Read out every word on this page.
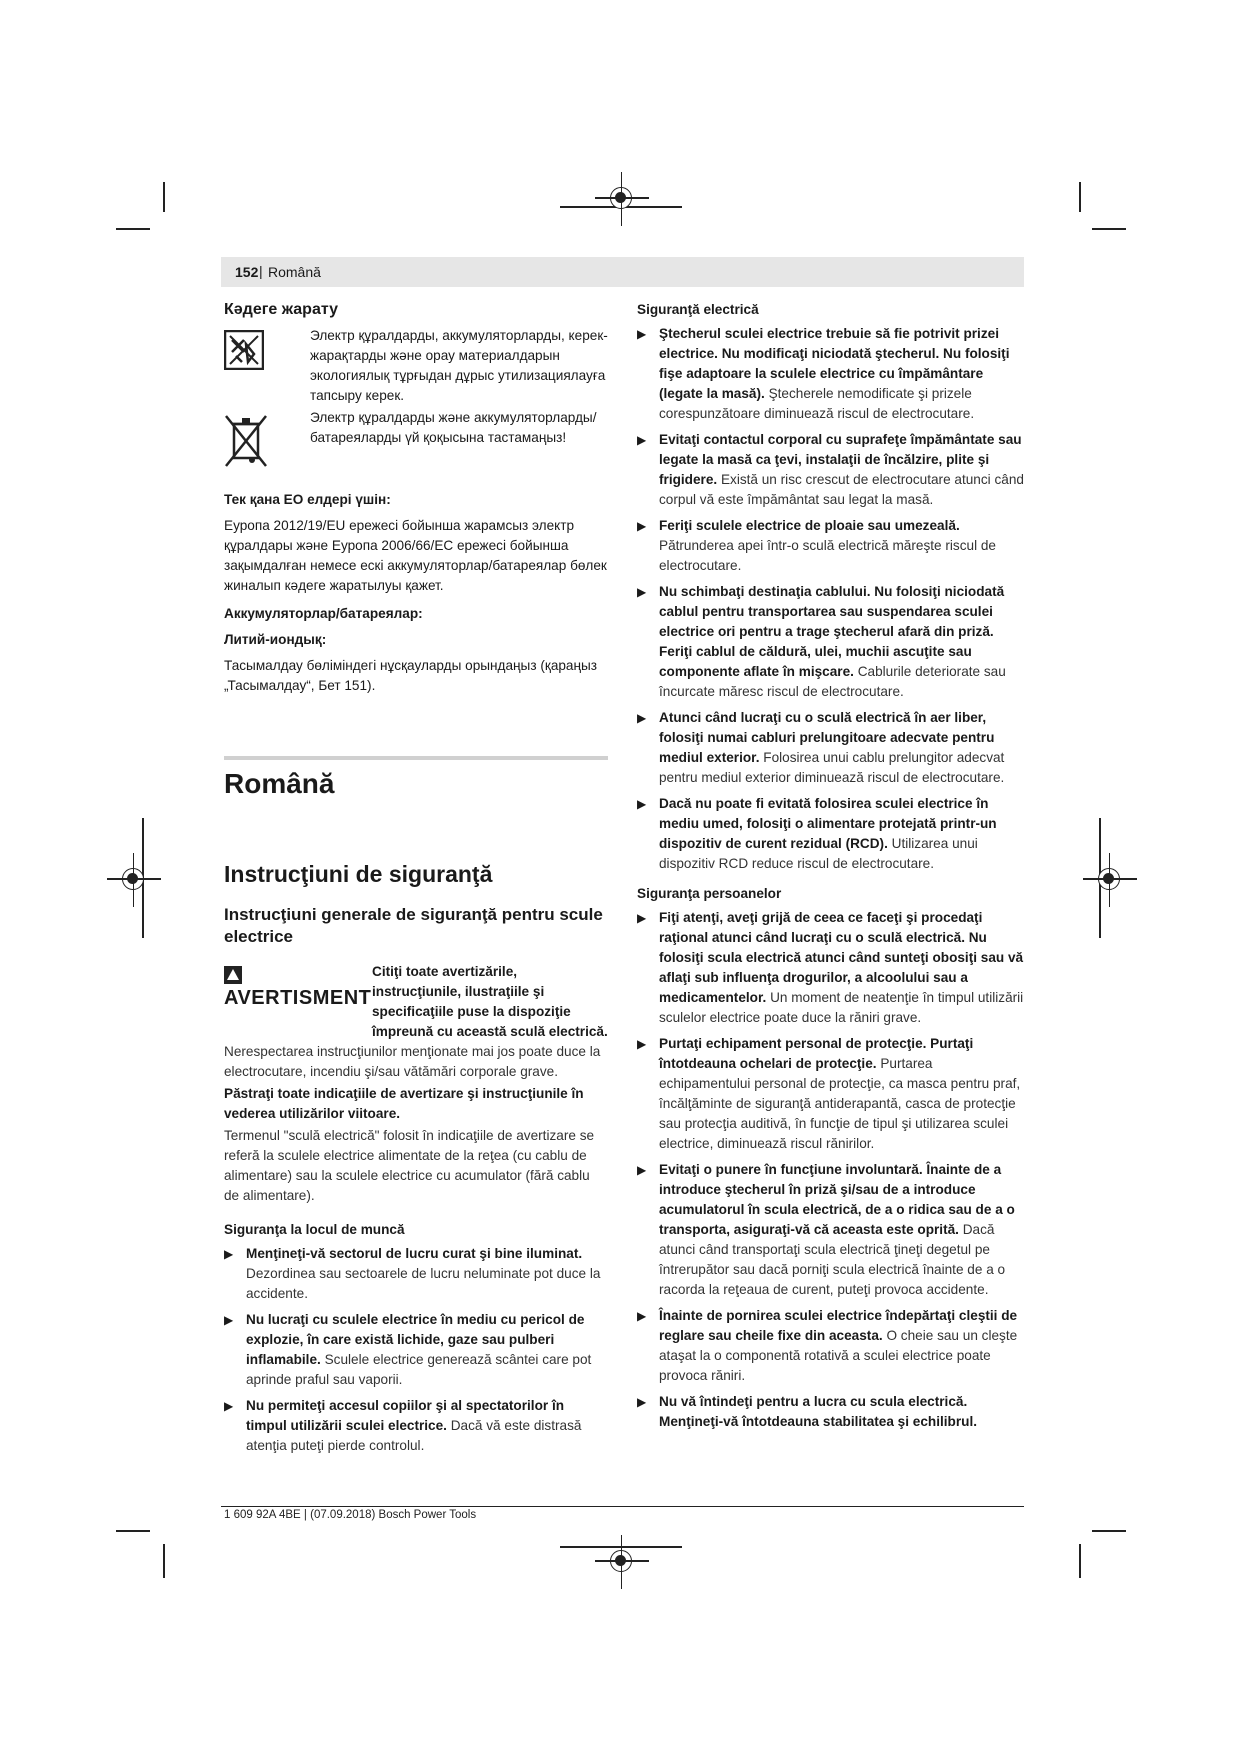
152 | Română
Кәдеге жарату

Электр құралдарды, аккумуляторларды, керек-жарақтарды және орау материалдарын экологиялық тұрғыдан дұрыс утилизациялауға тапсыру керек.

Электр құралдарды және аккумуляторларды/батареяларды үй қоқысына тастамаңыз!

Тек қана ЕО елдері үшін:

Еуропа 2012/19/EU ережесі бойынша жарамсыз электр құралдары және Еуропа 2006/66/EC ережесі бойынша зақымдалған немесе ескі аккумуляторлар/батареялар бөлек жиналып кәдеге жаратылуы қажет.

Аккумуляторлар/батареялар:
Литий-иондық:

Тасымалдау бөліміндегі нұсқауларды орындаңыз (қараңыз „Тасымалдау“, Бет 151).

Română
Instrucţiuni de siguranţă
Instrucţiuni generale de siguranţă pentru scule electrice
AVERTISMENT

Citiţi toate avertizările, instrucţiunile, ilustraţiile şi specificaţiile puse la dispoziţie împreună cu această sculă electrică.

Nerespectarea instrucţiunilor menţionate mai jos poate duce la electrocutare, incendiu şi/sau vătămări corporale grave.

Păstraţi toate indicaţiile de avertizare şi instrucţiunile în vederea utilizărilor viitoare.

Termenul "sculă electrică" folosit în indicaţiile de avertizare se referă la sculele electrice alimentate de la reţea (cu cablu de alimentare) sau la sculele electrice cu acumulator (fără cablu de alimentare).

Siguranţa la locul de muncă
▶ Menţineţi-vă sectorul de lucru curat şi bine iluminat. Dezordinea sau sectoarele de lucru neluminate pot duce la accidente.
▶ Nu lucraţi cu sculele electrice în mediu cu pericol de explozie, în care există lichide, gaze sau pulberi inflamabile. Sculele electrice generează scântei care pot aprinde praful sau vaporii.
▶ Nu permiteţi accesul copiilor şi al spectatorilor în timpul utilizării sculei electrice. Dacă vă este distrasă atenţia puteţi pierde controlul.
Siguranţă electrică
▶ Ştecherul sculei electrice trebuie să fie potrivit prizei electrice. Nu modificaţi niciodată ştecherul. Nu folosiţi fişe adaptoare la sculele electrice cu împământare (legate la masă). Ştecherele nemodificate şi prizele corespunzătoare diminuează riscul de electrocutare.
▶ Evitaţi contactul corporal cu suprafeţe împământate sau legate la masă ca ţevi, instalaţii de încălzire, plite şi frigidere. Există un risc crescut de electrocutare atunci când corpul vă este împământat sau legat la masă.
▶ Feriţi sculele electrice de ploaie sau umezeală. Pătrunderea apei într-o sculă electrică măreşte riscul de electrocutare.
▶ Nu schimbaţi destinaţia cablului. Nu folosiţi niciodată cablul pentru transportarea sau suspendarea sculei electrice ori pentru a trage ştecherul afară din priză. Feriţi cablul de căldură, ulei, muchii ascuţite sau componente aflate în mişcare. Cablurile deteriorate sau încurcate măresc riscul de electrocutare.
▶ Atunci când lucraţi cu o sculă electrică în aer liber, folosiţi numai cabluri prelungitoare adecvate pentru mediul exterior. Folosirea unui cablu prelungitor adecvat pentru mediul exterior diminuează riscul de electrocutare.
▶ Dacă nu poate fi evitată folosirea sculei electrice în mediu umed, folosiţi o alimentare protejată printr-un dispozitiv de curent rezidual (RCD). Utilizarea unui dispozitiv RCD reduce riscul de electrocutare.
Siguranţa persoanelor
▶ Fiţi atenţi, aveţi grijă de ceea ce faceţi şi procedaţi raţional atunci când lucraţi cu o sculă electrică. Nu folosiţi scula electrică atunci când sunteţi obosiţi sau vă aflaţi sub influenţa drogurilor, a alcoolului sau a medicamentelor. Un moment de neatenţie în timpul utilizării sculelor electrice poate duce la răniri grave.
▶ Purtaţi echipament personal de protecţie. Purtaţi întotdeauna ochelari de protecţie. Purtarea echipamentului personal de protecţie, ca masca pentru praf, încălţăminte de siguranţă antiderapantă, casca de protecţie sau protecţia auditivă, în funcţie de tipul şi utilizarea sculei electrice, diminuează riscul rănirilor.
▶ Evitaţi o punere în funcţiune involuntară. Înainte de a introduce ştecherul în priză şi/sau de a introduce acumulatorul în scula electrică, de a o ridica sau de a o transporta, asiguraţi-vă că aceasta este oprită. Dacă atunci când transportaţi scula electrică ţineţi degetul pe întrerupător sau dacă porniţi scula electrică înainte de a o racorda la reţeaua de curent, puteţi provoca accidente.
▶ Înainte de pornirea sculei electrice îndepărtaţi cleştii de reglare sau cheile fixe din aceasta. O cheie sau un cleşte ataşat la o componentă rotativă a sculei electrice poate provoca răniri.
▶ Nu vă întindeţi pentru a lucra cu scula electrică. Menţineţi-vă întotdeauna stabilitatea şi echilibrul.
1 609 92A 4BE | (07.09.2018) Bosch Power Tools
